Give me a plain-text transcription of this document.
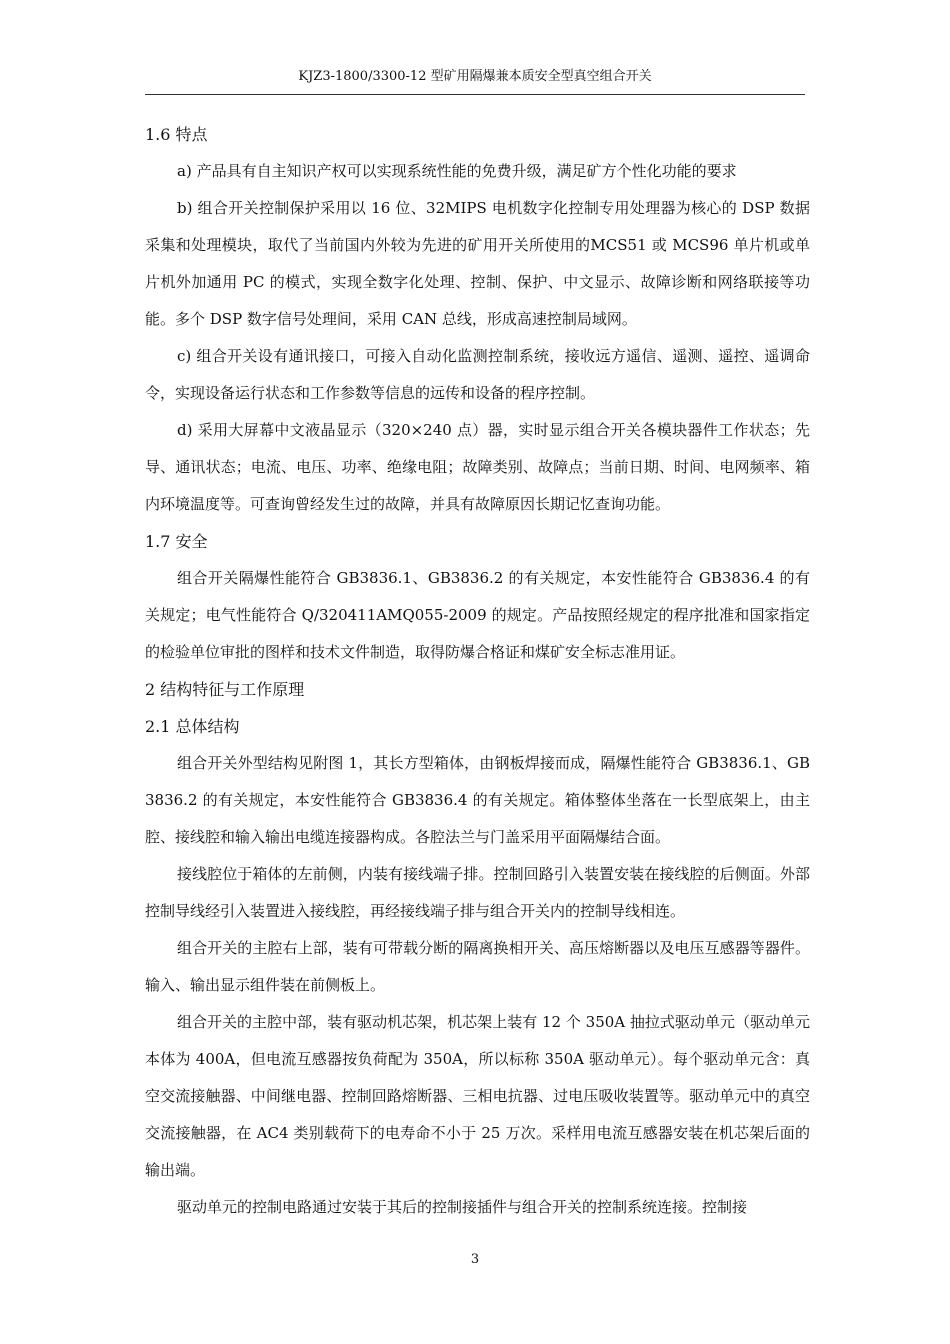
KJZ3-1800/3300-12 型矿用隔爆兼本质安全型真空组合开关

1.6 特点

a) 产品具有自主知识产权可以实现系统性能的免费升级，满足矿方个性化功能的要求

b) 组合开关控制保护采用以 16 位、32MIPS 电机数字化控制专用处理器为核心的 DSP 数据采集和处理模块，取代了当前国内外较为先进的矿用开关所使用的MCS51 或 MCS96 单片机或单片机外加通用 PC 的模式，实现全数字化处理、控制、保护、中文显示、故障诊断和网络联接等功能。多个 DSP 数字信号处理间，采用 CAN 总线，形成高速控制局域网。

c) 组合开关设有通讯接口，可接入自动化监测控制系统，接收远方遥信、遥测、遥控、遥调命令，实现设备运行状态和工作参数等信息的远传和设备的程序控制。

d) 采用大屏幕中文液晶显示（320×240 点）器，实时显示组合开关各模块器件工作状态；先导、通讯状态；电流、电压、功率、绝缘电阻；故障类别、故障点；当前日期、时间、电网频率、箱内环境温度等。可查询曾经发生过的故障，并具有故障原因长期记忆查询功能。

1.7 安全

组合开关隔爆性能符合 GB3836.1、GB3836.2 的有关规定，本安性能符合 GB3836.4 的有关规定；电气性能符合 Q/320411AMQ055-2009 的规定。产品按照经规定的程序批准和国家指定的检验单位审批的图样和技术文件制造，取得防爆合格证和煤矿安全标志准用证。

2 结构特征与工作原理

2.1 总体结构

组合开关外型结构见附图 1，其长方型箱体，由钢板焊接而成，隔爆性能符合 GB3836.1、GB3836.2 的有关规定，本安性能符合 GB3836.4 的有关规定。箱体整体坐落在一长型底架上，由主腔、接线腔和输入输出电缆连接器构成。各腔法兰与门盖采用平面隔爆结合面。

接线腔位于箱体的左前侧，内装有接线端子排。控制回路引入装置安装在接线腔的后侧面。外部控制导线经引入装置进入接线腔，再经接线端子排与组合开关内的控制导线相连。

组合开关的主腔右上部，装有可带载分断的隔离换相开关、高压熔断器以及电压互感器等器件。输入、输出显示组件装在前侧板上。

组合开关的主腔中部，装有驱动机芯架，机芯架上装有 12 个 350A 抽拉式驱动单元（驱动单元本体为 400A，但电流互感器按负荷配为 350A，所以标称 350A 驱动单元）。每个驱动单元含：真空交流接触器、中间继电器、控制回路熔断器、三相电抗器、过电压吸收装置等。驱动单元中的真空交流接触器，在 AC4 类别载荷下的电寿命不小于 25 万次。采样用电流互感器安装在机芯架后面的输出端。

驱动单元的控制电路通过安装于其后的控制接插件与组合开关的控制系统连接。控制接

3
